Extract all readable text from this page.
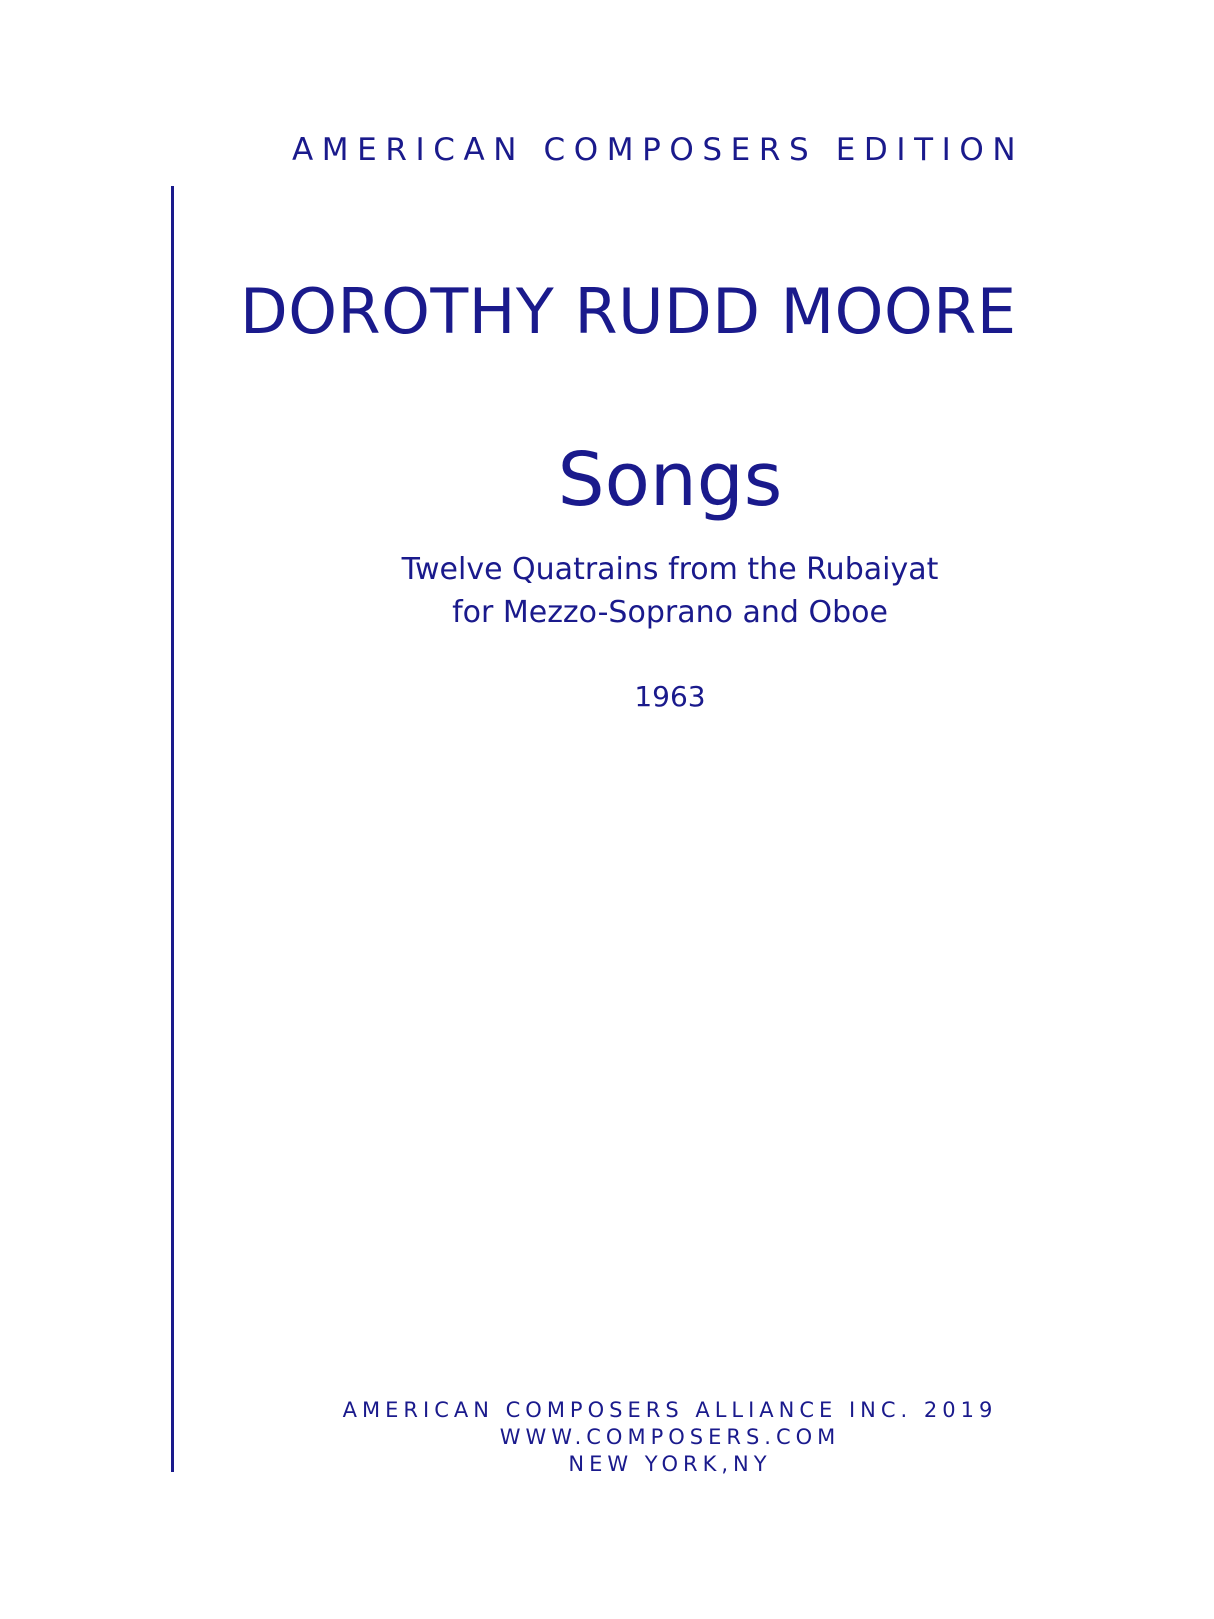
AMERICAN COMPOSERS EDITION
DOROTHY RUDD MOORE
Songs
Twelve Quatrains from the Rubaiyat
for Mezzo-Soprano and Oboe
1963
AMERICAN COMPOSERS ALLIANCE INC. 2019
WWW.COMPOSERS.COM
NEW YORK,NY
